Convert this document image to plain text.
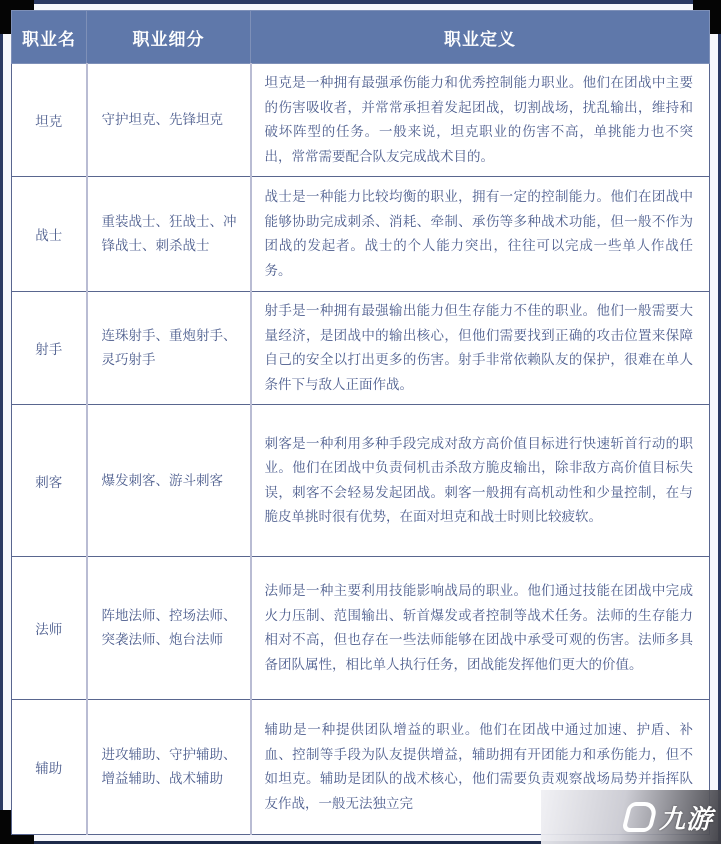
职业名	职业细分	职业定义
坦克	守护坦克、先锋坦克	坦克是一种拥有最强承伤能力和优秀控制能力职业。他们在团战中主要的伤害吸收者，并常常承担着发起团战，切割战场，扰乱输出，维持和破坏阵型的任务。一般来说，坦克职业的伤害不高，单挑能力也不突出，常常需要配合队友完成战术目的。
战士	重装战士、狂战士、冲锋战士、刺杀战士	战士是一种能力比较均衡的职业，拥有一定的控制能力。他们在团战中能够协助完成刺杀、消耗、牵制、承伤等多种战术功能，但一般不作为团战的发起者。战士的个人能力突出，往往可以完成一些单人作战任务。
射手	连珠射手、重炮射手、灵巧射手	射手是一种拥有最强输出能力但生存能力不佳的职业。他们一般需要大量经济，是团战中的输出核心，但他们需要找到正确的攻击位置来保障自己的安全以打出更多的伤害。射手非常依赖队友的保护，很难在单人条件下与敌人正面作战。
刺客	爆发刺客、游斗刺客	刺客是一种利用多种手段完成对敌方高价值目标进行快速斩首行动的职业。他们在团战中负责伺机击杀敌方脆皮输出，除非敌方高价值目标失误，刺客不会轻易发起团战。刺客一般拥有高机动性和少量控制，在与脆皮单挑时很有优势，在面对坦克和战士时则比较疲软。
法师	阵地法师、控场法师、突袭法师、炮台法师	法师是一种主要利用技能影响战局的职业。他们通过技能在团战中完成火力压制、范围输出、斩首爆发或者控制等战术任务。法师的生存能力相对不高，但也存在一些法师能够在团战中承受可观的伤害。法师多具备团队属性，相比单人执行任务，团战能发挥他们更大的价值。
辅助	进攻辅助、守护辅助、增益辅助、战术辅助	辅助是一种提供团队增益的职业。他们在团战中通过加速、护盾、补血、控制等手段为队友提供增益，辅助拥有开团能力和承伤能力，但不如坦克。辅助是团队的战术核心，他们需要负责观察战场局势并指挥队友作战，一般无法独立完
九游
